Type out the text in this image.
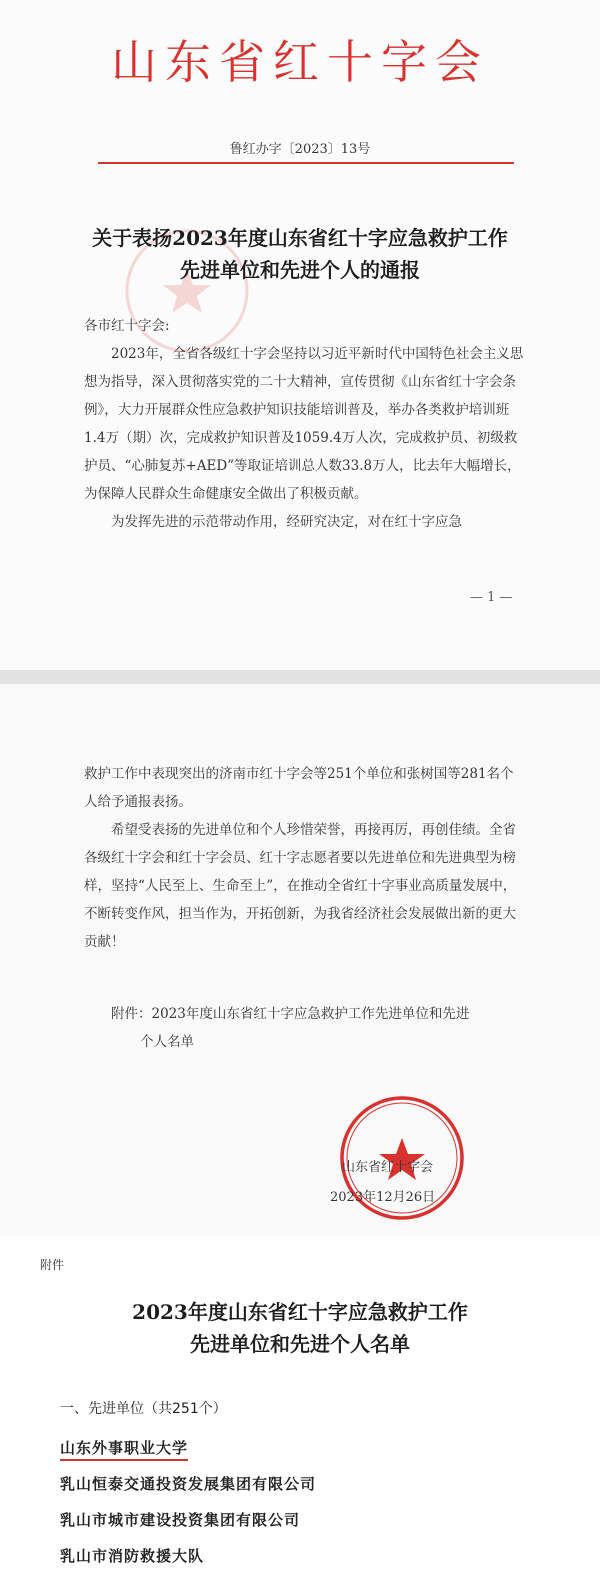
山东省红十字会
鲁红办字〔2023〕13号
关于表扬2023年度山东省红十字应急救护工作
先进单位和先进个人的通报

各市红十字会:

2023年，全省各级红十字会坚持以习近平新时代中国特色社会主义思想为指导，深入贯彻落实党的二十大精神，宣传贯彻《山东省红十字会条例》，大力开展群众性应急救护知识技能培训普及，举办各类救护培训班1.4万（期）次，完成救护知识普及1059.4万人次，完成救护员、初级救护员、“心肺复苏+AED”等取证培训总人数33.8万人，比去年大幅增长，为保障人民群众生命健康安全做出了积极贡献。

为发挥先进的示范带动作用，经研究决定，对在红十字应急

— 1 —

救护工作中表现突出的济南市红十字会等251个单位和张树国等281名个人给予通报表扬。

希望受表扬的先进单位和个人珍惜荣誉，再接再厉，再创佳绩。全省各级红十字会和红十字会员、红十字志愿者要以先进单位和先进典型为榜样，坚持“人民至上、生命至上”，在推动全省红十字事业高质量发展中，不断转变作风，担当作为，开拓创新，为我省经济社会发展做出新的更大贡献！

附件：2023年度山东省红十字应急救护工作先进单位和先进

个人名单

山东省红十字会
2023年12月26日
附件
2023年度山东省红十字应急救护工作
先进单位和先进个人名单
一、先进单位（共251个）
山东外事职业大学
乳山恒泰交通投资发展集团有限公司
乳山市城市建设投资集团有限公司
乳山市消防救援大队
